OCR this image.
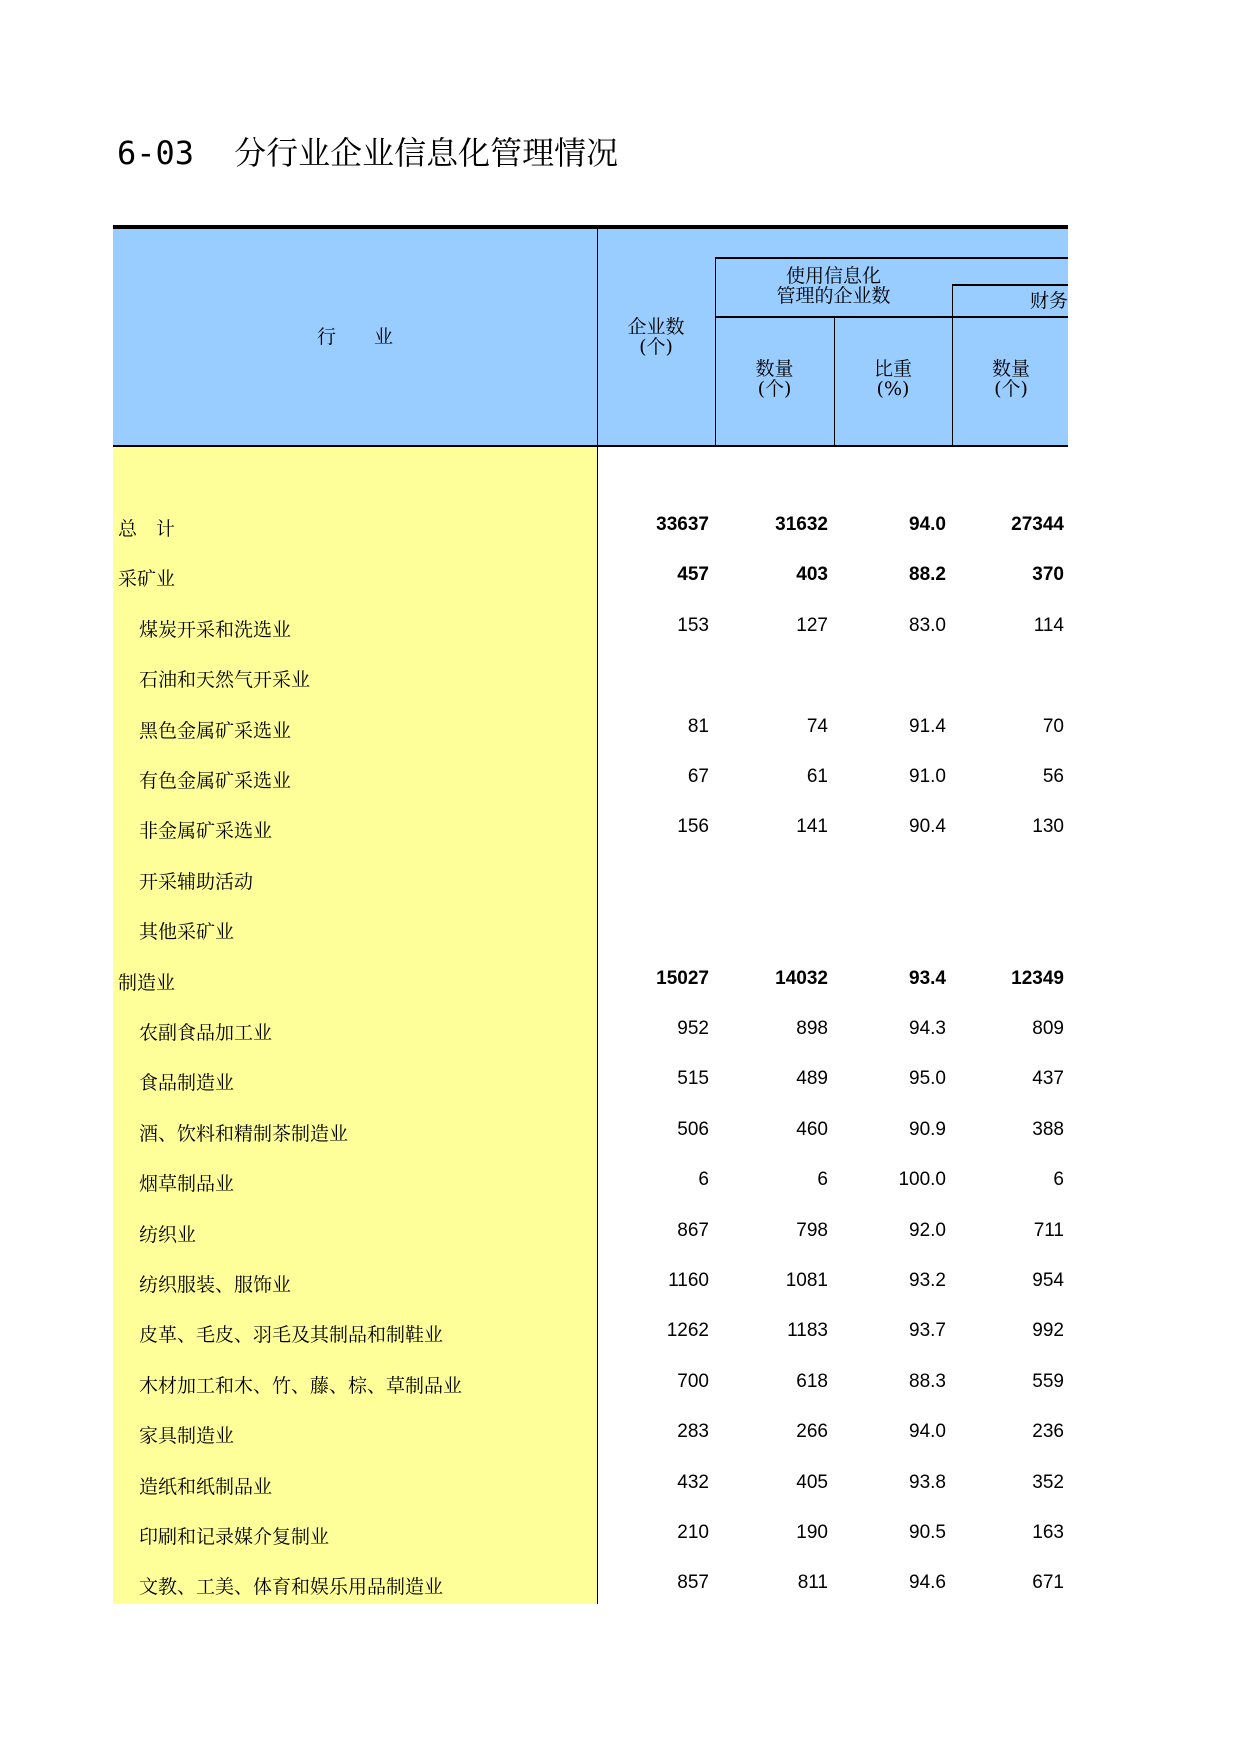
6-03 分行业企业信息化管理情况
行　　业	企业数
(个)
使用信息化
管理的企业数	财务
数量
(个)
比重
(%)
数量
(个)
总　计	33637	31632	94.0	27344
采矿业	457	403	88.2	370
煤炭开采和洗选业	153	127	83.0	114
石油和天然气开采业
黑色金属矿采选业	81	74	91.4	70
有色金属矿采选业	67	61	91.0	56
非金属矿采选业	156	141	90.4	130
开采辅助活动
其他采矿业
制造业	15027	14032	93.4	12349
农副食品加工业	952	898	94.3	809
食品制造业	515	489	95.0	437
酒、饮料和精制茶制造业	506	460	90.9	388
烟草制品业	6	6	100.0	6
纺织业	867	798	92.0	711
纺织服装、服饰业	1160	1081	93.2	954
皮革、毛皮、羽毛及其制品和制鞋业	1262	1183	93.7	992
木材加工和木、竹、藤、棕、草制品业	700	618	88.3	559
家具制造业	283	266	94.0	236
造纸和纸制品业	432	405	93.8	352
印刷和记录媒介复制业	210	190	90.5	163
文教、工美、体育和娱乐用品制造业	857	811	94.6	671
